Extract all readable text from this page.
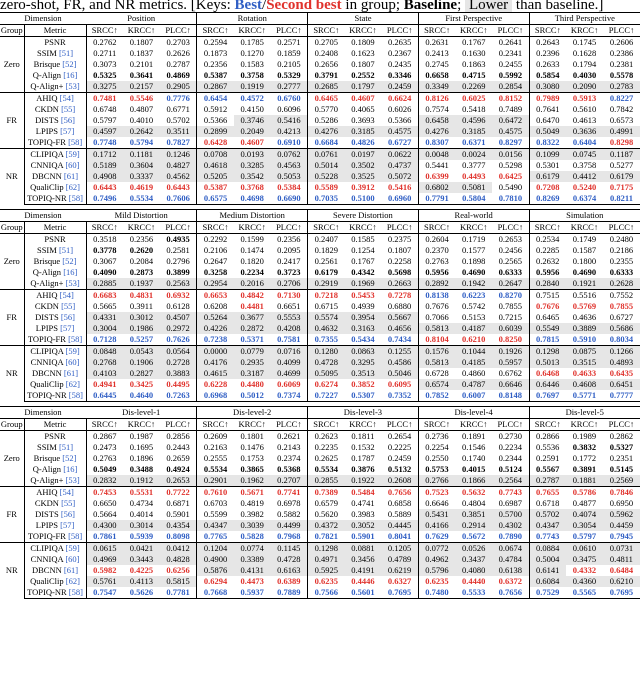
zero-shot, FR, and NR metrics. [Keys: Best/Second best in group; Baseline; Lower than baseline.]
Dimension		Position			Rotation			State			First Perspective			Third Perspective		
Group	Metric	SRCC↑	KRCC↑	PLCC↑	SRCC↑	KRCC↑	PLCC↑	SRCC↑	KRCC↑	PLCC↑	SRCC↑	KRCC↑	PLCC↑	SRCC↑	KRCC↑	PLCC↑
Zero	PSNR	0.2762	0.1807	0.2703	0.2594	0.1785	0.2571	0.2705	0.1809	0.2635	0.2631	0.1767	0.2641	0.2643	0.1745	0.2606
	SSIM [51]	0.2711	0.1837	0.2626	0.1873	0.1270	0.1859	0.2408	0.1623	0.2367	0.2413	0.1630	0.2341	0.2396	0.1628	0.2386
	Brisque [52]	0.3073	0.2101	0.2787	0.2356	0.1583	0.2105	0.2656	0.1807	0.2435	0.2745	0.1863	0.2455	0.2633	0.1794	0.2381
	Q-Align [16]	0.5325	0.3641	0.4869	0.5387	0.3758	0.5329	0.3791	0.2552	0.3346	0.6658	0.4715	0.5992	0.5854	0.4030	0.5578
	Q-Align+ [53]	0.3275	0.2157	0.2905	0.2867	0.1919	0.2777	0.2685	0.1797	0.2459	0.3349	0.2269	0.2854	0.3080	0.2090	0.2783
FR	AHIQ [54]	0.7481	0.5546	0.7776	0.6454	0.4572	0.6760	0.6465	0.4607	0.6624	0.8126	0.6025	0.8152	0.7989	0.5913	0.8227
	CKDN [55]	0.6748	0.4807	0.6771	0.5912	0.4150	0.6096	0.5770	0.4065	0.6026	0.7574	0.5418	0.7489	0.7641	0.5610	0.7842
	DISTS [56]	0.5797	0.4010	0.5702	0.5366	0.3746	0.5416	0.5286	0.3693	0.5366	0.6458	0.4596	0.6472	0.6470	0.4613	0.6573
	LPIPS [57]	0.4597	0.2642	0.3511	0.2899	0.2049	0.4213	0.4276	0.3185	0.4575	0.4276	0.3185	0.4575	0.5049	0.3636	0.4991
	TOPIQ-FR [58]	0.7748	0.5794	0.7827	0.6428	0.4607	0.6910	0.6684	0.4826	0.6727	0.8307	0.6371	0.8297	0.8322	0.6404	0.8298
NR	CLIPIQA [59]	0.1712	0.1181	0.1246	0.0708	0.0193	0.0762	0.0761	0.0197	0.0622	0.0048	0.0024	0.0156	0.1099	0.0745	0.1187
	CNNIQA [60]	0.5189	0.3604	0.4827	0.4618	0.3285	0.4563	0.5014	0.3502	0.4737	0.5441	0.3777	0.5298	0.5301	0.3758	0.5277
	DBCNN [61]	0.4908	0.3337	0.4562	0.5205	0.3542	0.5053	0.5228	0.3525	0.5072	0.6399	0.4493	0.6425	0.6179	0.4412	0.6179
	QualiClip [62]	0.6443	0.4619	0.6443	0.5387	0.3768	0.5384	0.5589	0.3912	0.5416	0.6802	0.5081	0.5490	0.7208	0.5240	0.7175
	TOPIQ-NR [58]	0.7496	0.5534	0.7606	0.6575	0.4698	0.6690	0.7035	0.5100	0.6960	0.7791	0.5804	0.7810	0.8269	0.6374	0.8211
Dimension		Mild Distortion			Medium Distortion			Severe Distortion			Real-world			Simulation		
Group	Metric	SRCC↑	KRCC↑	PLCC↑	SRCC↑	KRCC↑	PLCC↑	SRCC↑	KRCC↑	PLCC↑	SRCC↑	KRCC↑	PLCC↑	SRCC↑	KRCC↑	PLCC↑
Zero	PSNR	0.3518	0.2356	0.4935	0.2292	0.1599	0.2356	0.2407	0.1585	0.2375	0.2604	0.1719	0.2653	0.2534	0.1749	0.2480
	SSIM [51]	0.3778	0.2620	0.2581	0.2106	0.1474	0.2095	0.1829	0.1254	0.1807	0.2370	0.1577	0.2456	0.2285	0.1587	0.2186
	Brisque [52]	0.3067	0.2084	0.2796	0.2647	0.1820	0.2417	0.2561	0.1767	0.2258	0.2763	0.1898	0.2565	0.2632	0.1800	0.2355
	Q-Align [16]	0.4090	0.2873	0.3899	0.3258	0.2234	0.3723	0.6179	0.4342	0.5698	0.5956	0.4690	0.6333	0.5956	0.4690	0.6333
	Q-Align+ [53]	0.2885	0.1937	0.2563	0.2954	0.2016	0.2706	0.2919	0.1969	0.2663	0.2892	0.1942	0.2647	0.2840	0.1921	0.2628
FR	AHIQ [54]	0.6683	0.4831	0.6932	0.6653	0.4842	0.7130	0.7218	0.5453	0.7278	0.8138	0.6223	0.8270	0.7515	0.5516	0.7552
	CKDN [55]	0.5665	0.3911	0.6128	0.6208	0.4481	0.6651	0.6715	0.4939	0.6880	0.7676	0.5742	0.7855	0.7676	0.5769	0.7855
	DISTS [56]	0.4331	0.3012	0.4507	0.5264	0.3677	0.5553	0.5574	0.3954	0.5667	0.7066	0.5153	0.7215	0.6465	0.4636	0.6727
	LPIPS [57]	0.3004	0.1986	0.2972	0.4226	0.2872	0.4208	0.4632	0.3163	0.4656	0.5813	0.4187	0.6039	0.5549	0.3889	0.5686
	TOPIQ-FR [58]	0.7128	0.5257	0.7626	0.7238	0.5371	0.7581	0.7355	0.5434	0.7434	0.8104	0.6210	0.8250	0.7815	0.5910	0.8034
NR	CLIPIQA [59]	0.0848	0.0543	0.0564	0.0000	0.0779	0.0716	0.1280	0.0863	0.1255	0.1576	0.1044	0.1926	0.1298	0.0875	0.1266
	CNNIQA [60]	0.2768	0.1906	0.2728	0.4176	0.2935	0.4099	0.4728	0.3295	0.4586	0.5813	0.4185	0.5957	0.5013	0.3515	0.4893
	DBCNN [61]	0.4103	0.2827	0.3883	0.4615	0.3187	0.4699	0.5095	0.3513	0.5046	0.6728	0.4860	0.6762	0.6468	0.4633	0.6435
	QualiClip [62]	0.4941	0.3425	0.4495	0.6228	0.4480	0.6069	0.6274	0.3852	0.6095	0.6574	0.4787	0.6646	0.6446	0.4608	0.6451
	TOPIQ-NR [58]	0.6445	0.4640	0.7263	0.6968	0.5012	0.7374	0.7227	0.5307	0.7352	0.7852	0.6007	0.8148	0.7697	0.5771	0.7777
Dimension		Dis-level-1			Dis-level-2			Dis-level-3			Dis-level-4			Dis-level-5		
Group	Metric	SRCC↑	KRCC↑	PLCC↑	SRCC↑	KRCC↑	PLCC↑	SRCC↑	KRCC↑	PLCC↑	SRCC↑	KRCC↑	PLCC↑	SRCC↑	KRCC↑	PLCC↑
Zero	PSNR	0.2867	0.1987	0.2856	0.2609	0.1801	0.2621	0.2623	0.1811	0.2654	0.2736	0.1891	0.2730	0.2866	0.1989	0.2862
	SSIM [51]	0.2473	0.1695	0.2443	0.2163	0.1476	0.2143	0.2235	0.1532	0.2225	0.2254	0.1546	0.2234	0.5536	0.3832	0.5327
	Brisque [52]	0.2763	0.1896	0.2659	0.2555	0.1753	0.2374	0.2625	0.1787	0.2459	0.2550	0.1740	0.2344	0.2591	0.1772	0.2351
	Q-Align [16]	0.5049	0.3488	0.4924	0.5534	0.3865	0.5368	0.5534	0.3876	0.5132	0.5753	0.4015	0.5124	0.5567	0.3891	0.5145
	Q-Align+ [53]	0.2832	0.1912	0.2653	0.2901	0.1962	0.2707	0.2855	0.1922	0.2608	0.2766	0.1866	0.2564	0.2787	0.1881	0.2569
FR	AHIQ [54]	0.7453	0.5531	0.7722	0.7610	0.5671	0.7741	0.7389	0.5484	0.7656	0.7523	0.5632	0.7743	0.7655	0.5786	0.7846
	CKDN [55]	0.6650	0.4734	0.6871	0.6703	0.4819	0.6978	0.6579	0.4741	0.6858	0.6646	0.4804	0.6987	0.6718	0.4877	0.6950
	DISTS [56]	0.5664	0.4014	0.5901	0.5599	0.3982	0.5882	0.5620	0.3983	0.5889	0.5431	0.3851	0.5700	0.5702	0.4074	0.5962
	LPIPS [57]	0.4300	0.3014	0.4354	0.4347	0.3039	0.4499	0.4372	0.3052	0.4445	0.4166	0.2914	0.4302	0.4347	0.3054	0.4459
	TOPIQ-FR [58]	0.7861	0.5939	0.8098	0.7765	0.5828	0.7968	0.7821	0.5901	0.8041	0.7629	0.5672	0.7890	0.7743	0.5797	0.7945
NR	CLIPIQA [59]	0.0615	0.0421	0.0412	0.1204	0.0774	0.1145	0.1298	0.0881	0.1205	0.0772	0.0526	0.0674	0.0884	0.0610	0.0731
	CNNIQA [60]	0.4969	0.3443	0.4828	0.4900	0.3389	0.4728	0.4971	0.3456	0.4789	0.4962	0.3437	0.4784	0.5004	0.3475	0.4811
	DBCNN [61]	0.5982	0.4225	0.6256	0.5876	0.4131	0.6163	0.5925	0.4191	0.6219	0.5796	0.4080	0.6138	0.6141	0.4332	0.6484
	QualiClip [62]	0.5761	0.4113	0.5815	0.6294	0.4473	0.6389	0.6235	0.4446	0.6327	0.6235	0.4440	0.6372	0.6084	0.4360	0.6210
	TOPIQ-NR [58]	0.7547	0.5626	0.7781	0.7668	0.5937	0.7889	0.7566	0.5601	0.7695	0.7480	0.5533	0.7656	0.7529	0.5565	0.7695
